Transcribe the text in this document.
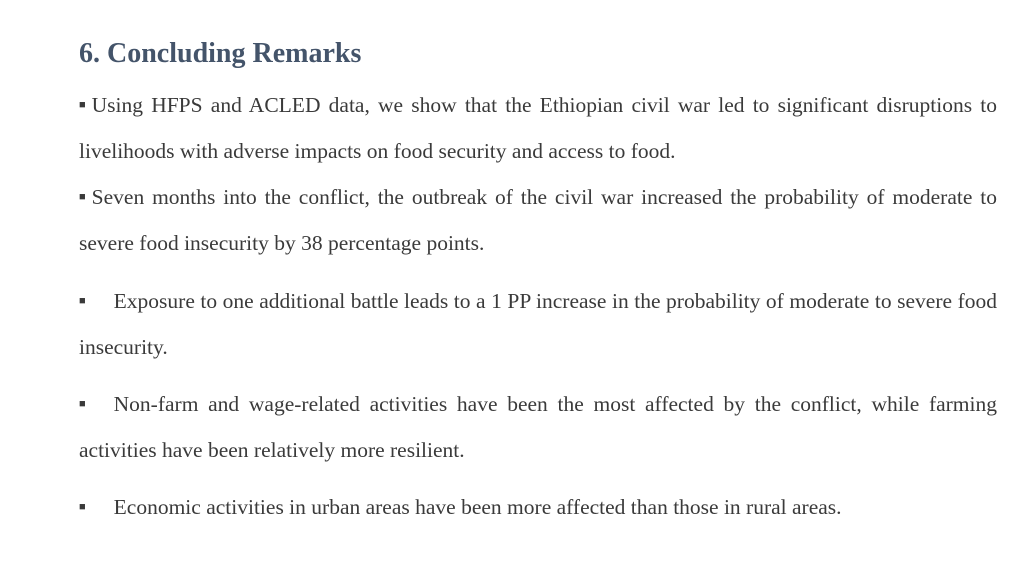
6. Concluding Remarks
■ Using HFPS and ACLED data, we show that the Ethiopian civil war led to significant disruptions to livelihoods with adverse impacts on food security and access to food.
■ Seven months into the conflict, the outbreak of the civil war increased the probability of moderate to severe food insecurity by 38 percentage points.
■ Exposure to one additional battle leads to a 1 PP increase in the probability of moderate to severe food insecurity.
■ Non-farm and wage-related activities have been the most affected by the conflict, while farming activities have been relatively more resilient.
■ Economic activities in urban areas have been more affected than those in rural areas.
